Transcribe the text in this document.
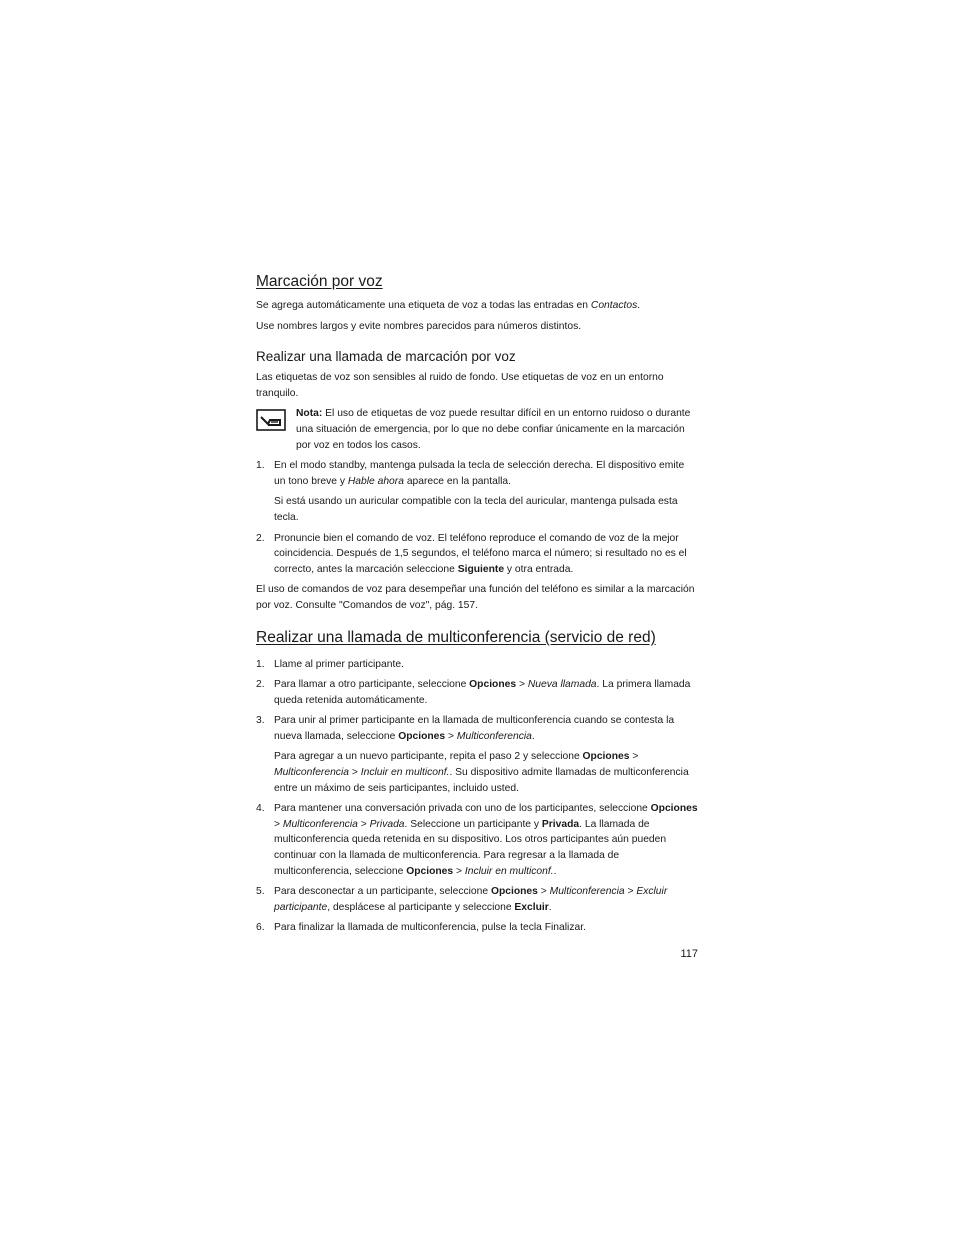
Marcación por voz

Se agrega automáticamente una etiqueta de voz a todas las entradas en Contactos.

Use nombres largos y evite nombres parecidos para números distintos.

Realizar una llamada de marcación por voz

Las etiquetas de voz son sensibles al ruido de fondo. Use etiquetas de voz en un entorno tranquilo.

Nota: El uso de etiquetas de voz puede resultar difícil en un entorno ruidoso o durante una situación de emergencia, por lo que no debe confiar únicamente en la marcación por voz en todos los casos.

1. En el modo standby, mantenga pulsada la tecla de selección derecha. El dispositivo emite un tono breve y Hable ahora aparece en la pantalla.

Si está usando un auricular compatible con la tecla del auricular, mantenga pulsada esta tecla.

2. Pronuncie bien el comando de voz. El teléfono reproduce el comando de voz de la mejor coincidencia. Después de 1,5 segundos, el teléfono marca el número; si resultado no es el correcto, antes la marcación seleccione Siguiente y otra entrada.

El uso de comandos de voz para desempeñar una función del teléfono es similar a la marcación por voz. Consulte "Comandos de voz", pág. 157.

Realizar una llamada de multiconferencia (servicio de red)
1. Llame al primer participante.

2. Para llamar a otro participante, seleccione Opciones > Nueva llamada. La primera llamada queda retenida automáticamente.

3. Para unir al primer participante en la llamada de multiconferencia cuando se contesta la nueva llamada, seleccione Opciones > Multiconferencia.

Para agregar a un nuevo participante, repita el paso 2 y seleccione Opciones > Multiconferencia > Incluir en multiconf.. Su dispositivo admite llamadas de multiconferencia entre un máximo de seis participantes, incluido usted.

4. Para mantener una conversación privada con uno de los participantes, seleccione Opciones > Multiconferencia > Privada. Seleccione un participante y Privada. La llamada de multiconferencia queda retenida en su dispositivo. Los otros participantes aún pueden continuar con la llamada de multiconferencia. Para regresar a la llamada de multiconferencia, seleccione Opciones > Incluir en multiconf..

5. Para desconectar a un participante, seleccione Opciones > Multiconferencia > Excluir participante, desplácese al participante y seleccione Excluir.

6. Para finalizar la llamada de multiconferencia, pulse la tecla Finalizar.

117
